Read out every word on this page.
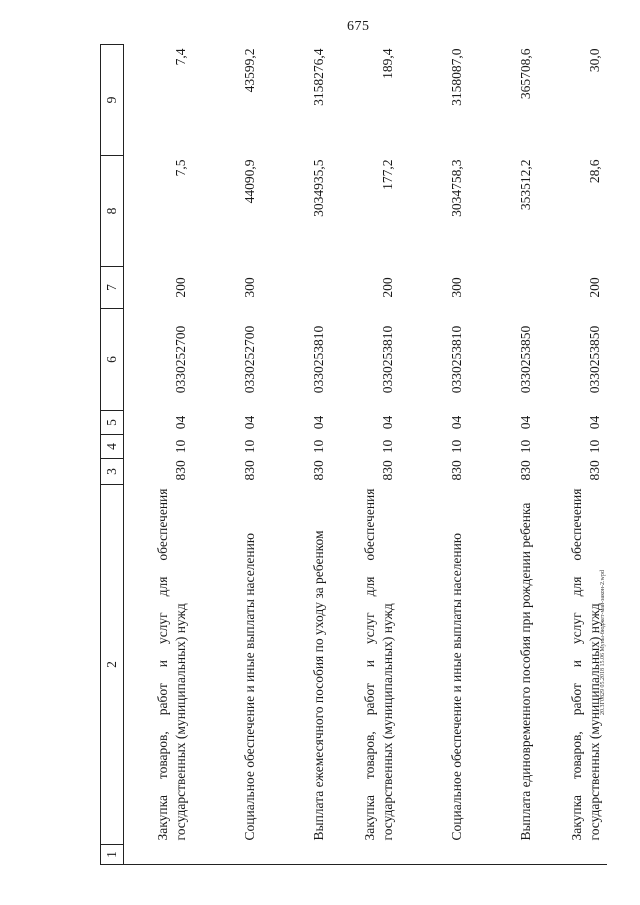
675
20.3Г0829 05.2018 15.06 Муны-бюджет-май-закон-2.wpd
1	2	3	4	5	6	7	8	9
	Закупка товаров, работ и услуг для обеспечения государственных (муниципальных) нужд	830	10	04	0330252700	200	7,5	7,4
	Социальное обеспечение и иные выплаты населению	830	10	04	0330252700	300	44090,9	43599,2
	Выплата ежемесячного пособия по уходу за ребенком	830	10	04	0330253810		3034935,5	3158276,4
	Закупка товаров, работ и услуг для обеспечения государственных (муниципальных) нужд	830	10	04	0330253810	200	177,2	189,4
	Социальное обеспечение и иные выплаты населению	830	10	04	0330253810	300	3034758,3	3158087,0
	Выплата единовременного пособия при рождении ребенка	830	10	04	0330253850		353512,2	365708,6
	Закупка товаров, работ и услуг для обеспечения государственных (муниципальных) нужд	830	10	04	0330253850	200	28,6	30,0
